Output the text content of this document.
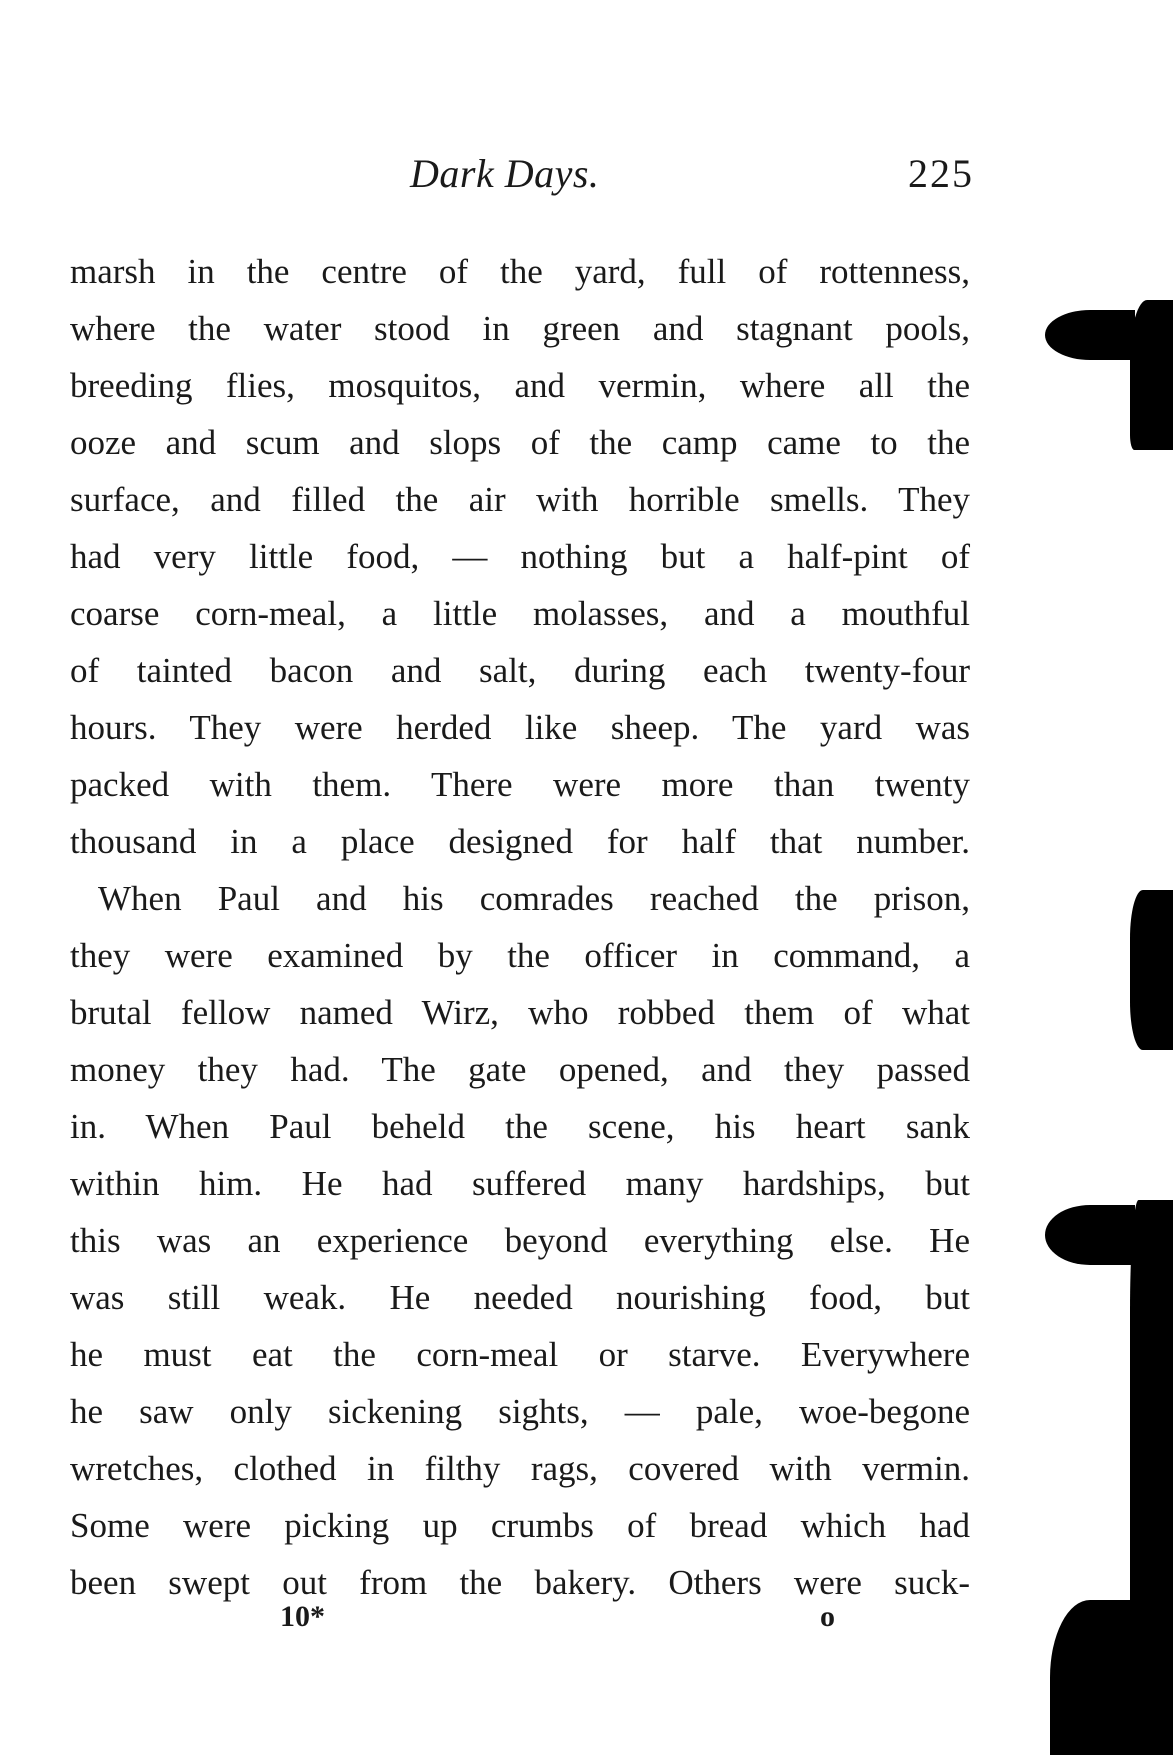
Dark Days.	225
marsh in the centre of the yard, full of rottenness,
where the water stood in green and stagnant pools,
breeding flies, mosquitos, and vermin, where all the
ooze and scum and slops of the camp came to the
surface, and filled the air with horrible smells. They
had very little food, — nothing but a half-pint of
coarse corn-meal, a little molasses, and a mouthful
of tainted bacon and salt, during each twenty-four
hours. They were herded like sheep. The yard was
packed with them. There were more than twenty
thousand in a place designed for half that number.
When Paul and his comrades reached the prison,
they were examined by the officer in command, a
brutal fellow named Wirz, who robbed them of what
money they had. The gate opened, and they passed
in. When Paul beheld the scene, his heart sank
within him. He had suffered many hardships, but
this was an experience beyond everything else. He
was still weak. He needed nourishing food, but
he must eat the corn-meal or starve. Everywhere
he saw only sickening sights, — pale, woe-begone
wretches, clothed in filthy rags, covered with vermin.
Some were picking up crumbs of bread which had
been swept out from the bakery. Others were suck-
10*	o
